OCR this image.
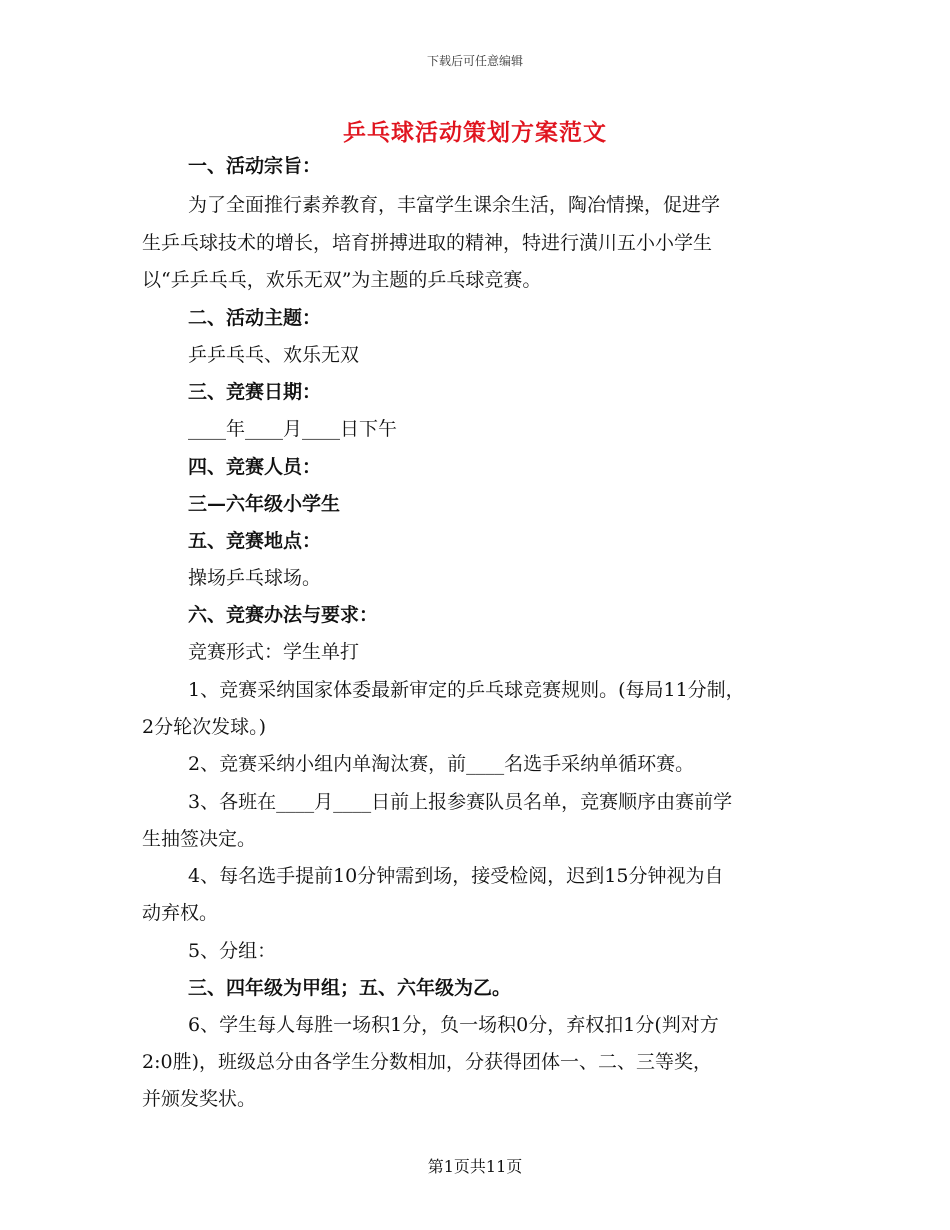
下载后可任意编辑
乒乓球活动策划方案范文
一、活动宗旨：
为了全面推行素养教育，丰富学生课余生活，陶冶情操，促进学
生乒乓球技术的增长，培育拼搏进取的精神，特进行潢川五小小学生
以“乒乒乓乓，欢乐无双”为主题的乒乓球竞赛。
二、活动主题：
乒乒乓乓、欢乐无双
三、竞赛日期：
____年____月____日下午
四、竞赛人员：
三—六年级小学生
五、竞赛地点：
操场乒乓球场。
六、竞赛办法与要求：
竞赛形式：学生单打
1、竞赛采纳国家体委最新审定的乒乓球竞赛规则。(每局11分制，
2分轮次发球。)
2、竞赛采纳小组内单淘汰赛，前____名选手采纳单循环赛。
3、各班在____月____日前上报参赛队员名单，竞赛顺序由赛前学
生抽签决定。
4、每名选手提前10分钟需到场，接受检阅，迟到15分钟视为自
动弃权。
5、分组：
三、四年级为甲组；五、六年级为乙。
6、学生每人每胜一场积1分，负一场积0分，弃权扣1分(判对方
2:0胜)，班级总分由各学生分数相加，分获得团体一、二、三等奖，
并颁发奖状。
第1页共11页
